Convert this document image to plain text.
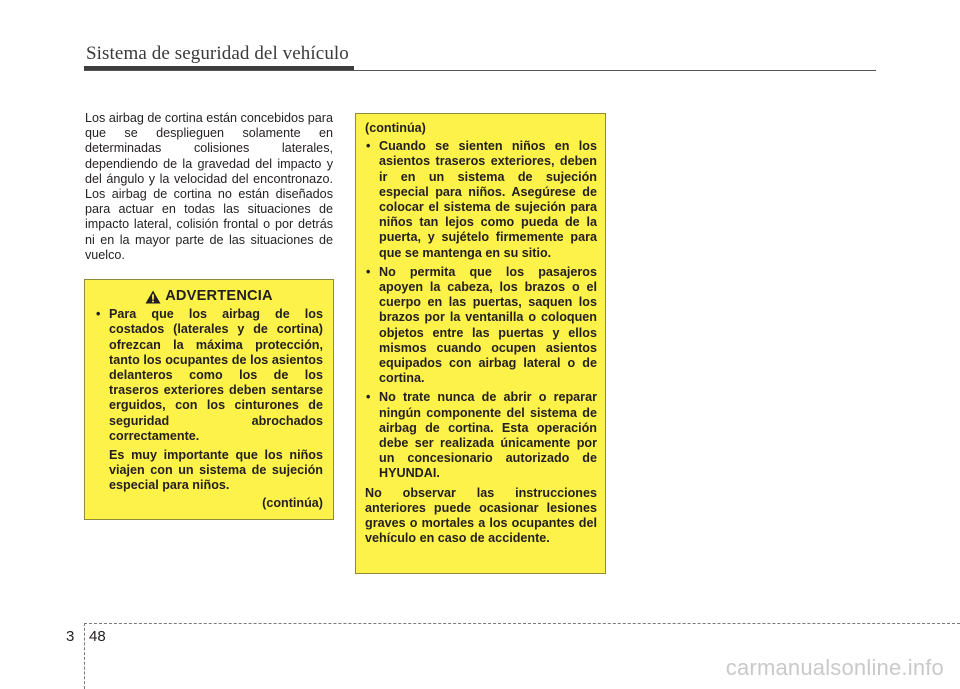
Sistema de seguridad del vehículo
Los airbag de cortina están concebidos para que se desplieguen solamente en determinadas colisiones laterales, dependiendo de la gravedad del impacto y del ángulo y la velocidad del encontronazo. Los airbag de cortina no están diseñados para actuar en todas las situaciones de impacto lateral, colisión frontal o por detrás ni en la mayor parte de las situaciones de vuelco.
ADVERTENCIA
• Para que los airbag de los costados (laterales y de cortina) ofrezcan la máxima protección, tanto los ocupantes de los asientos delanteros como los de los traseros exteriores deben sentarse erguidos, con los cinturones de seguridad abrochados correctamente.
Es muy importante que los niños viajen con un sistema de sujeción especial para niños.
(continúa)
(continúa)
• Cuando se sienten niños en los asientos traseros exteriores, deben ir en un sistema de sujeción especial para niños. Asegúrese de colocar el sistema de sujeción para niños tan lejos como pueda de la puerta, y sujételo firmemente para que se mantenga en su sitio.
• No permita que los pasajeros apoyen la cabeza, los brazos o el cuerpo en las puertas, saquen los brazos por la ventanilla o coloquen objetos entre las puertas y ellos mismos cuando ocupen asientos equipados con airbag lateral o de cortina.
• No trate nunca de abrir o reparar ningún componente del sistema de airbag de cortina. Esta operación debe ser realizada únicamente por un concesionario autorizado de HYUNDAI.
No observar las instrucciones anteriores puede ocasionar lesiones graves o mortales a los ocupantes del vehículo en caso de accidente.
3 48
carmanualsonline.info
